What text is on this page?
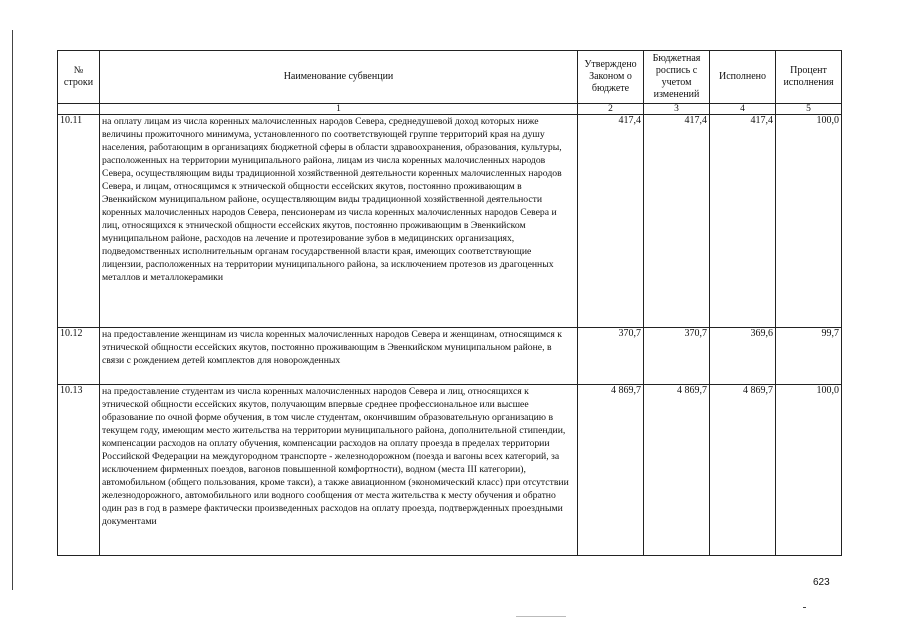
№ строки	Наименование субвенции	Утверждено Законом о бюджете	Бюджетная роспись с учетом изменений	Исполнено	Процент исполнения
	1	2	3	4	5
10.11	на оплату лицам из числа коренных малочисленных народов Севера, среднедушевой доход которых ниже величины прожиточного минимума, установленного по соответствующей группе территорий края на душу населения, работающим в организациях бюджетной сферы в области здравоохранения, образования, культуры, расположенных на территории муниципального района, лицам из числа коренных малочисленных народов Севера, осуществляющим виды традиционной хозяйственной деятельности коренных малочисленных народов Севера, и лицам, относящимся к этнической общности ессейских якутов, постоянно проживающим в Эвенкийском муниципальном районе, осуществляющим виды традиционной хозяйственной деятельности коренных малочисленных народов Севера, пенсионерам из числа коренных малочисленных народов Севера и лиц, относящихся к этнической общности ессейских якутов, постоянно проживающим в Эвенкийском муниципальном районе, расходов на лечение и протезирование зубов в медицинских организациях, подведомственных исполнительным органам государственной власти края, имеющих соответствующие лицензии, расположенных на территории муниципального района, за исключением протезов из драгоценных металлов и металлокерамики	417,4	417,4	417,4	100,0
10.12	на предоставление женщинам из числа коренных малочисленных народов Севера и женщинам, относящимся к этнической общности ессейских якутов, постоянно проживающим в Эвенкийском муниципальном районе, в связи с рождением детей комплектов для новорожденных	370,7	370,7	369,6	99,7
10.13	на предоставление студентам из числа коренных малочисленных народов Севера и лиц, относящихся к этнической общности ессейских якутов, получающим впервые среднее профессиональное или высшее образование по очной форме обучения, в том числе студентам, окончившим образовательную организацию в текущем году, имеющим место жительства на территории муниципального района, дополнительной стипендии, компенсации расходов на оплату обучения, компенсации расходов на оплату проезда в пределах территории Российской Федерации на междугородном транспорте - железнодорожном (поезда и вагоны всех категорий, за исключением фирменных поездов, вагонов повышенной комфортности), водном (места III категории), автомобильном (общего пользования, кроме такси), а также авиационном (экономический класс) при отсутствии железнодорожного, автомобильного или водного сообщения от места жительства к месту обучения и обратно один раз в год в размере фактически произведенных расходов на оплату проезда, подтвержденных проездными документами	4 869,7	4 869,7	4 869,7	100,0
623
